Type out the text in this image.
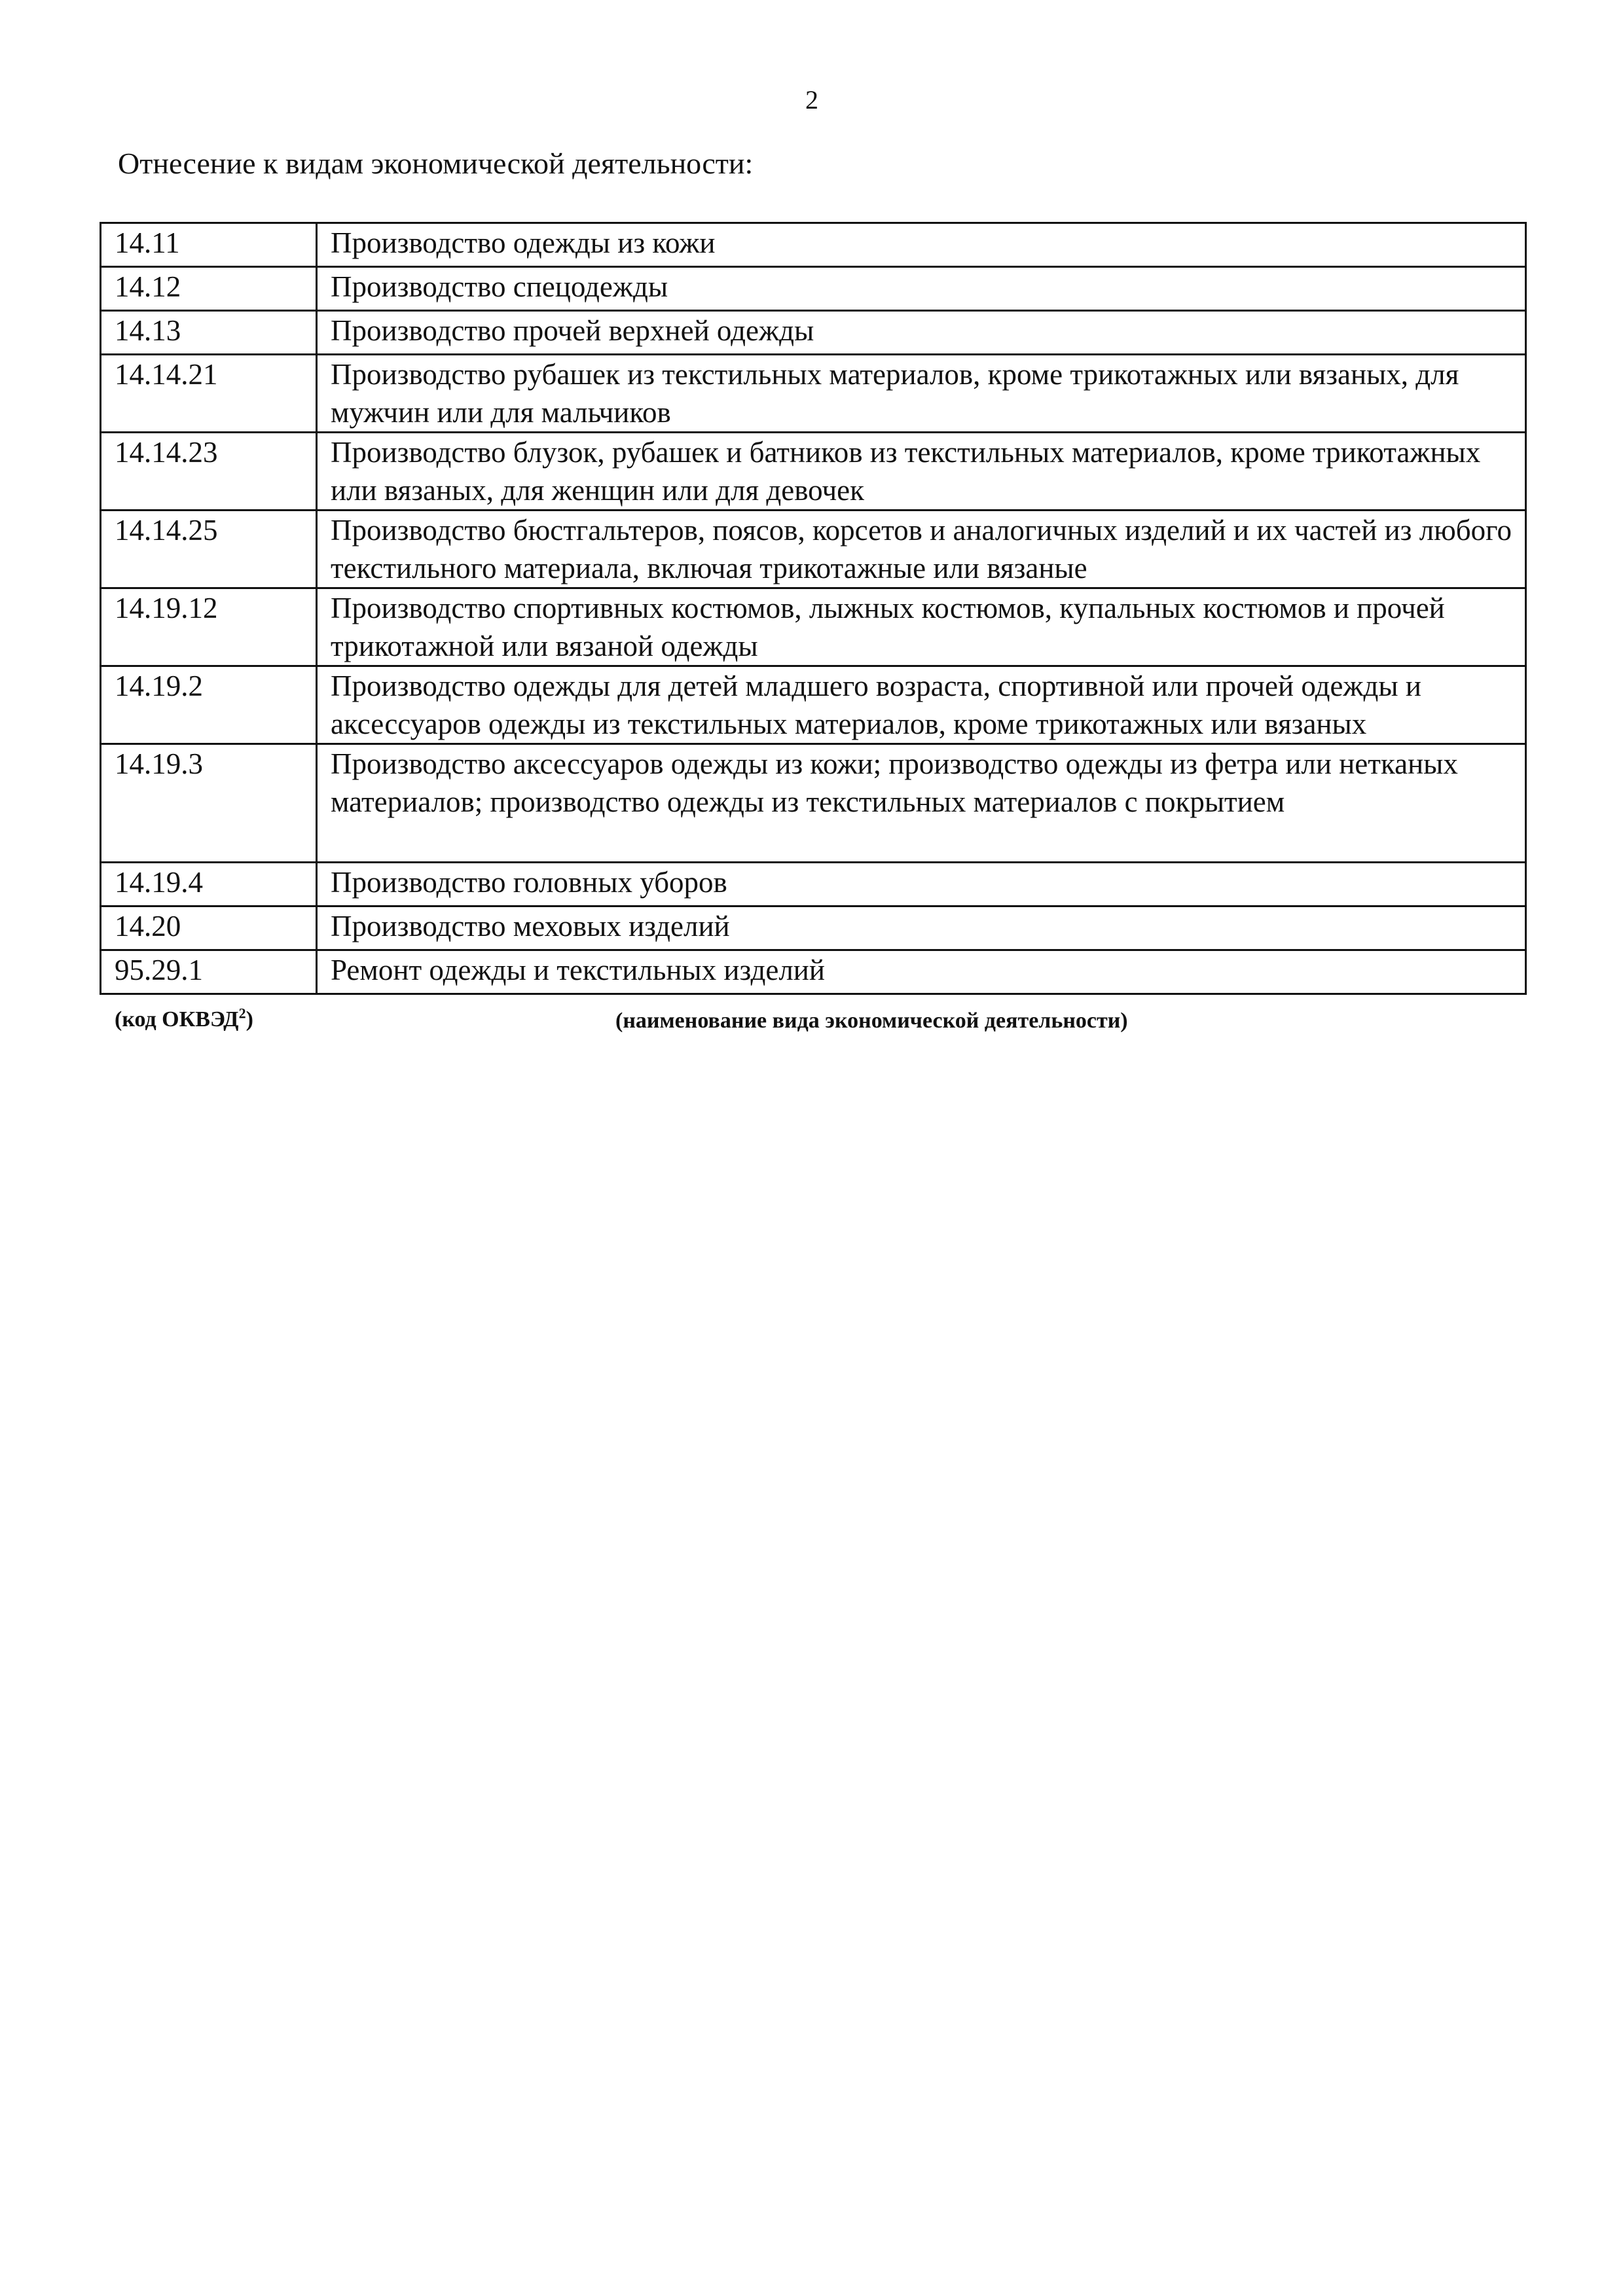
2
Отнесение к видам экономической деятельности:
14.11	Производство одежды из кожи
14.12	Производство спецодежды
14.13	Производство прочей верхней одежды
14.14.21	Производство рубашек из текстильных материалов, кроме трикотажных или вязаных, для мужчин или для мальчиков
14.14.23	Производство блузок, рубашек и батников из текстильных материалов, кроме трикотажных или вязаных, для женщин или для девочек
14.14.25	Производство бюстгальтеров, поясов, корсетов и аналогичных изделий и их частей из любого текстильного материала, включая трикотажные или вязаные
14.19.12	Производство спортивных костюмов, лыжных костюмов, купальных костюмов и прочей трикотажной или вязаной одежды
14.19.2	Производство одежды для детей младшего возраста, спортивной или прочей одежды и аксессуаров одежды из текстильных материалов, кроме трикотажных или вязаных
14.19.3	Производство аксессуаров одежды из кожи; производство одежды из фетра или нетканых материалов; производство одежды из текстильных материалов с покрытием
14.19.4	Производство головных уборов
14.20	Производство меховых изделий
95.29.1	Ремонт одежды и текстильных изделий
(код ОКВЭД$^2$)	(наименование вида экономической деятельности)
